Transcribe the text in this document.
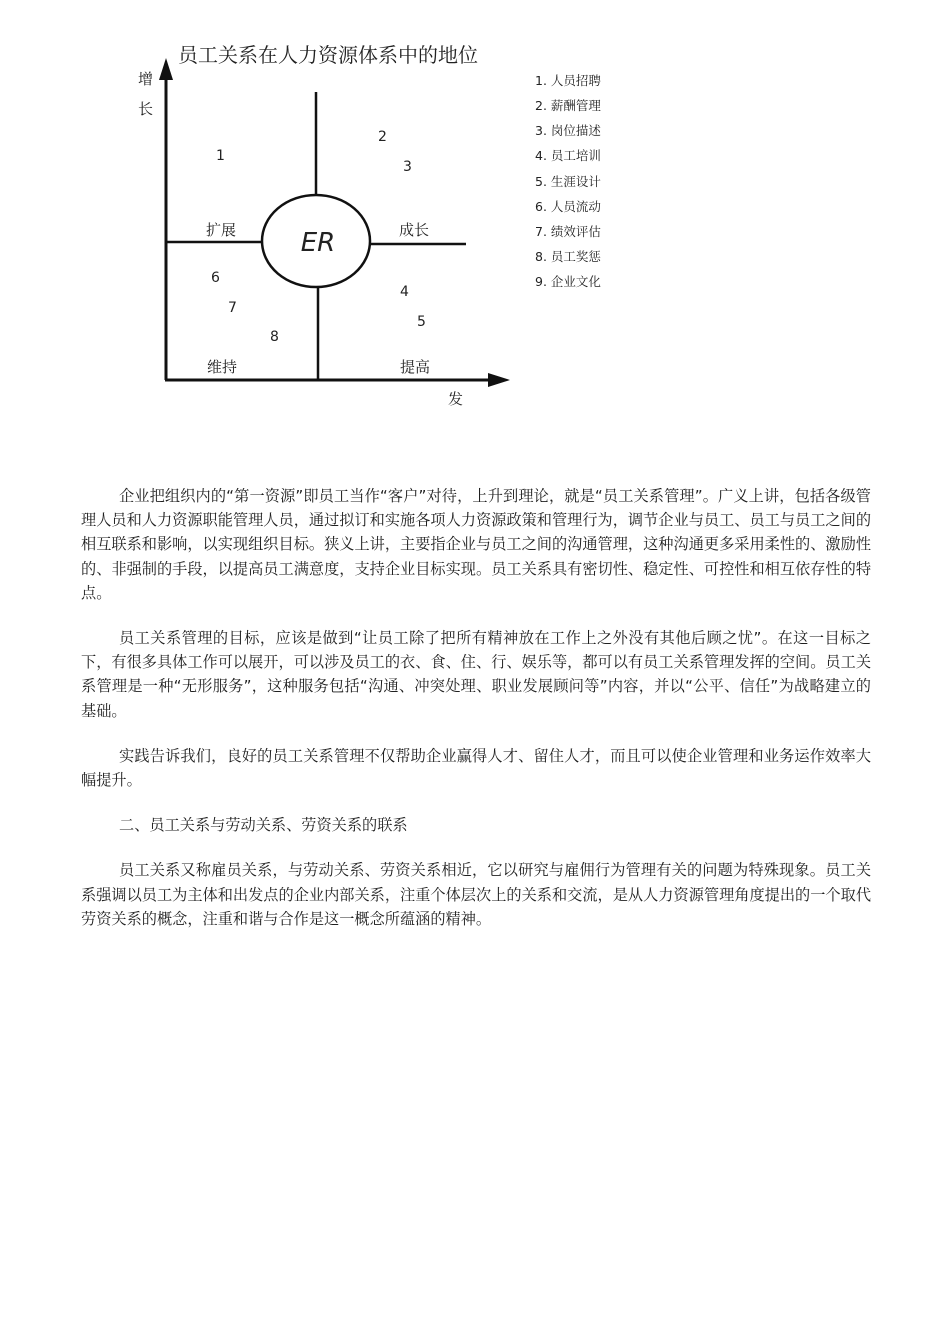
员工关系在人力资源体系中的地位
增
长
发
ER
扩展	成长
维持	提高
1
2
3
4
5
6
7
8
1. 人员招聘
2. 薪酬管理
3. 岗位描述
4. 员工培训
5. 生涯设计
6. 人员流动
7. 绩效评估
8. 员工奖惩
9. 企业文化

企业把组织内的“第一资源”即员工当作“客户”对待，上升到理论，就是“员工关系管理”。广义上讲，包括各级管理人员和人力资源职能管理人员，通过拟订和实施各项人力资源政策和管理行为，调节企业与员工、员工与员工之间的相互联系和影响，以实现组织目标。狭义上讲，主要指企业与员工之间的沟通管理，这种沟通更多采用柔性的、激励性的、非强制的手段，以提高员工满意度，支持企业目标实现。员工关系具有密切性、稳定性、可控性和相互依存性的特点。

员工关系管理的目标，应该是做到“让员工除了把所有精神放在工作上之外没有其他后顾之忧”。在这一目标之下，有很多具体工作可以展开，可以涉及员工的衣、食、住、行、娱乐等，都可以有员工关系管理发挥的空间。员工关系管理是一种“无形服务”，这种服务包括“沟通、冲突处理、职业发展顾问等”内容，并以“公平、信任”为战略建立的基础。

实践告诉我们，良好的员工关系管理不仅帮助企业赢得人才、留住人才，而且可以使企业管理和业务运作效率大幅提升。

二、员工关系与劳动关系、劳资关系的联系

员工关系又称雇员关系，与劳动关系、劳资关系相近，它以研究与雇佣行为管理有关的问题为特殊现象。员工关系强调以员工为主体和出发点的企业内部关系，注重个体层次上的关系和交流，是从人力资源管理角度提出的一个取代劳资关系的概念，注重和谐与合作是这一概念所蕴涵的精神。
